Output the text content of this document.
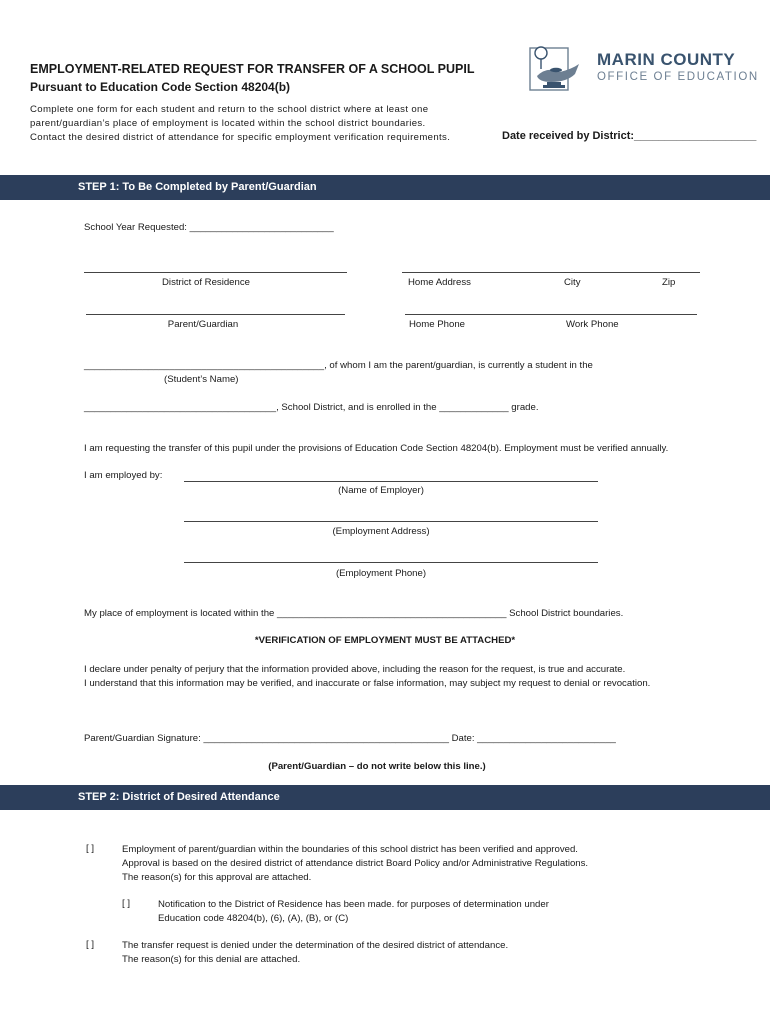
EMPLOYMENT-RELATED REQUEST FOR TRANSFER OF A SCHOOL PUPIL
Pursuant to Education Code Section 48204(b)
Complete one form for each student and return to the school district where at least one
parent/guardian’s place of employment is located within the school district boundaries.
Contact the desired district of attendance for specific employment verification requirements.	Date received by District:____________________
MARIN COUNTY
OFFICE OF EDUCATION
STEP 1: To Be Completed by Parent/Guardian
School Year Requested: ___________________________
District of Residence	Home Address	City	Zip
Parent/Guardian	Home Phone	Work Phone
_____________________________________________, of whom I am the parent/guardian, is currently a student in the
(Student’s Name)
____________________________________, School District, and is enrolled in the _____________ grade.
I am requesting the transfer of this pupil under the provisions of Education Code Section 48204(b). Employment must be verified annually.
I am employed by:
(Name of Employer)
(Employment Address)
(Employment Phone)
My place of employment is located within the ___________________________________________ School District boundaries.
*VERIFICATION OF EMPLOYMENT MUST BE ATTACHED*
I declare under penalty of perjury that the information provided above, including the reason for the request, is true and accurate.
I understand that this information may be verified, and inaccurate or false information, may subject my request to denial or revocation.
Parent/Guardian Signature: ______________________________________________ Date: __________________________
(Parent/Guardian – do not write below this line.)
STEP 2: District of Desired Attendance
[ ]	Employment of parent/guardian within the boundaries of this school district has been verified and approved.
Approval is based on the desired district of attendance district Board Policy and/or Administrative Regulations.
The reason(s) for this approval are attached.
[ ]	Notification to the District of Residence has been made. for purposes of determination under
Education code 48204(b), (6), (A), (B), or (C)
[ ]	The transfer request is denied under the determination of the desired district of attendance.
The reason(s) for this denial are attached.
